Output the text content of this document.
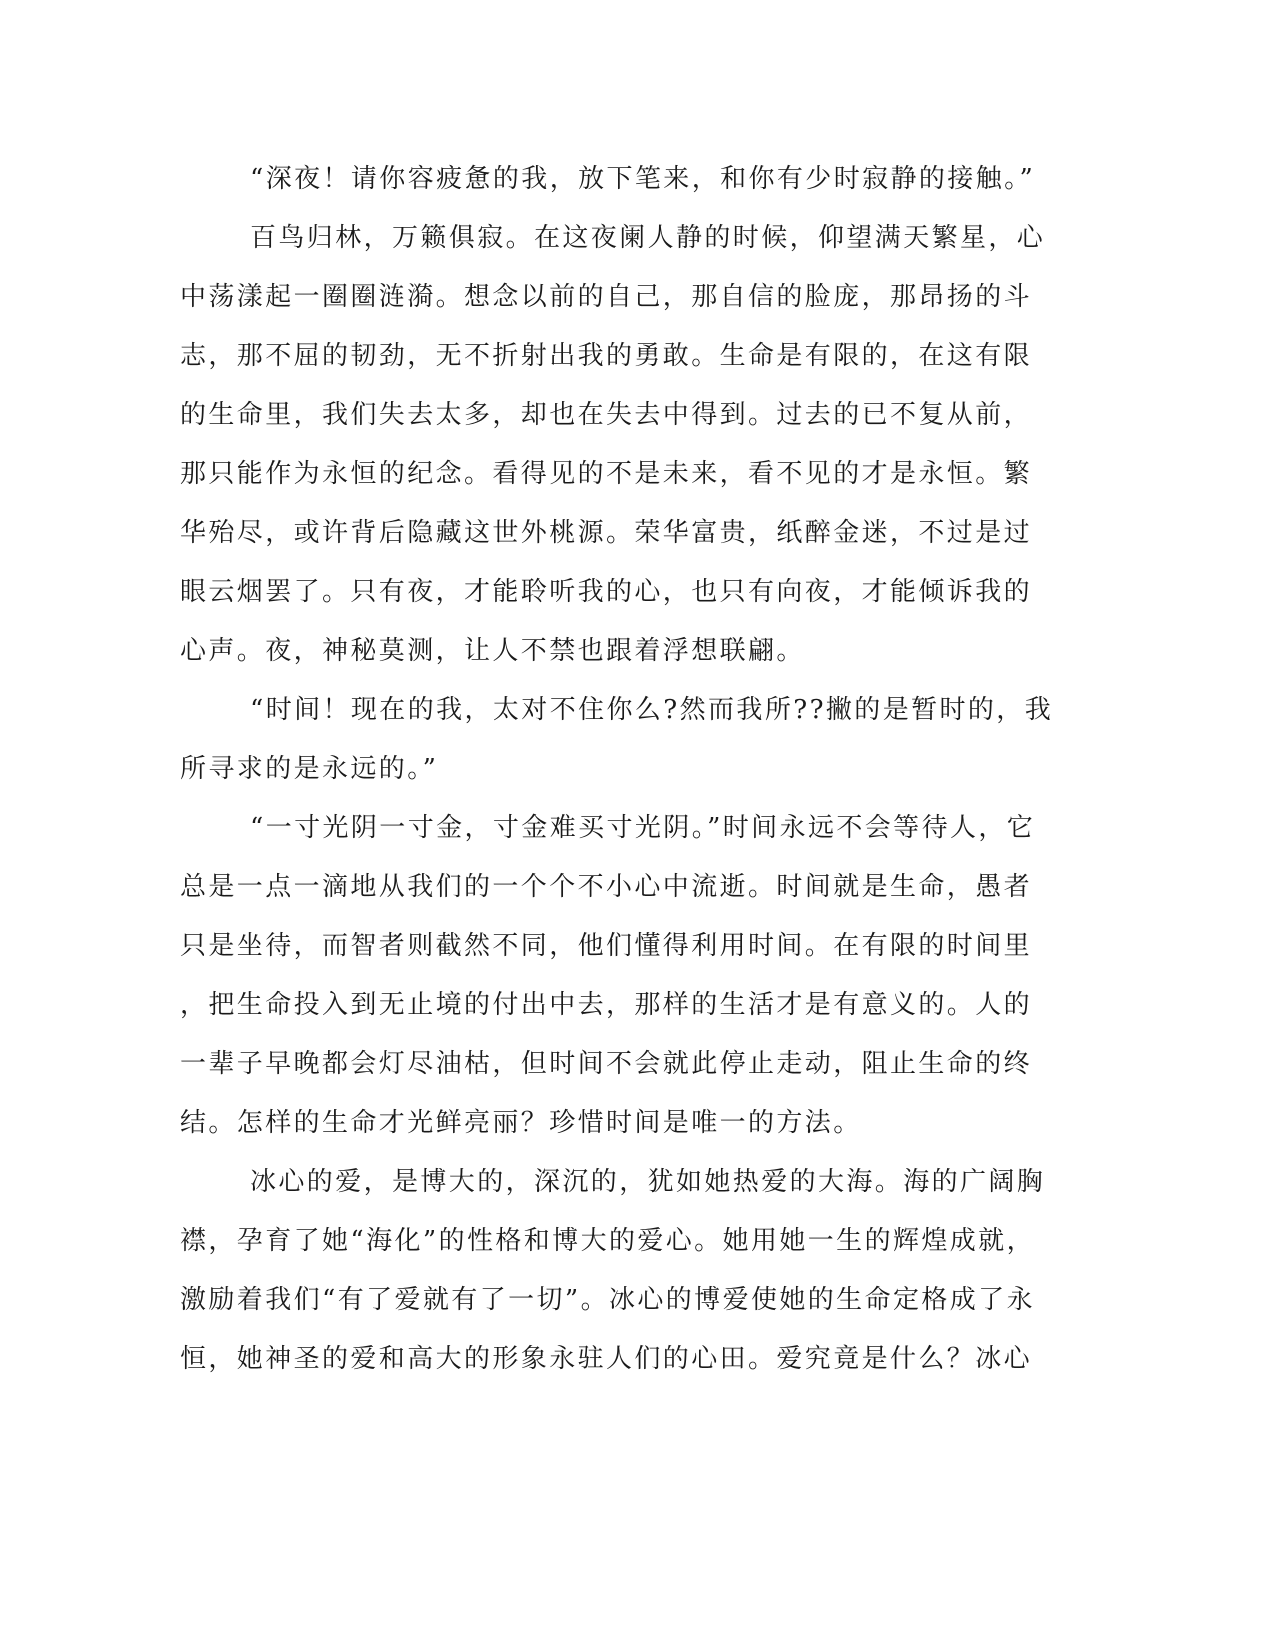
“深夜！请你容疲惫的我，放下笔来，和你有少时寂静的接触。”
百鸟归林，万籁俱寂。在这夜阑人静的时候，仰望满天繁星，心
中荡漾起一圈圈涟漪。想念以前的自己，那自信的脸庞，那昂扬的斗
志，那不屈的韧劲，无不折射出我的勇敢。生命是有限的，在这有限
的生命里，我们失去太多，却也在失去中得到。过去的已不复从前，
那只能作为永恒的纪念。看得见的不是未来，看不见的才是永恒。繁
华殆尽，或许背后隐藏这世外桃源。荣华富贵，纸醉金迷，不过是过
眼云烟罢了。只有夜，才能聆听我的心，也只有向夜，才能倾诉我的
心声。夜，神秘莫测，让人不禁也跟着浮想联翩。
“时间！现在的我，太对不住你么?然而我所??撇的是暂时的，我
所寻求的是永远的。”
“一寸光阴一寸金，寸金难买寸光阴。”时间永远不会等待人，它
总是一点一滴地从我们的一个个不小心中流逝。时间就是生命，愚者
只是坐待，而智者则截然不同，他们懂得利用时间。在有限的时间里
，把生命投入到无止境的付出中去，那样的生活才是有意义的。人的
一辈子早晚都会灯尽油枯，但时间不会就此停止走动，阻止生命的终
结。怎样的生命才光鲜亮丽？珍惜时间是唯一的方法。
冰心的爱，是博大的，深沉的，犹如她热爱的大海。海的广阔胸
襟，孕育了她“海化”的性格和博大的爱心。她用她一生的辉煌成就，
激励着我们“有了爱就有了一切”。冰心的博爱使她的生命定格成了永
恒，她神圣的爱和高大的形象永驻人们的心田。爱究竟是什么？冰心
